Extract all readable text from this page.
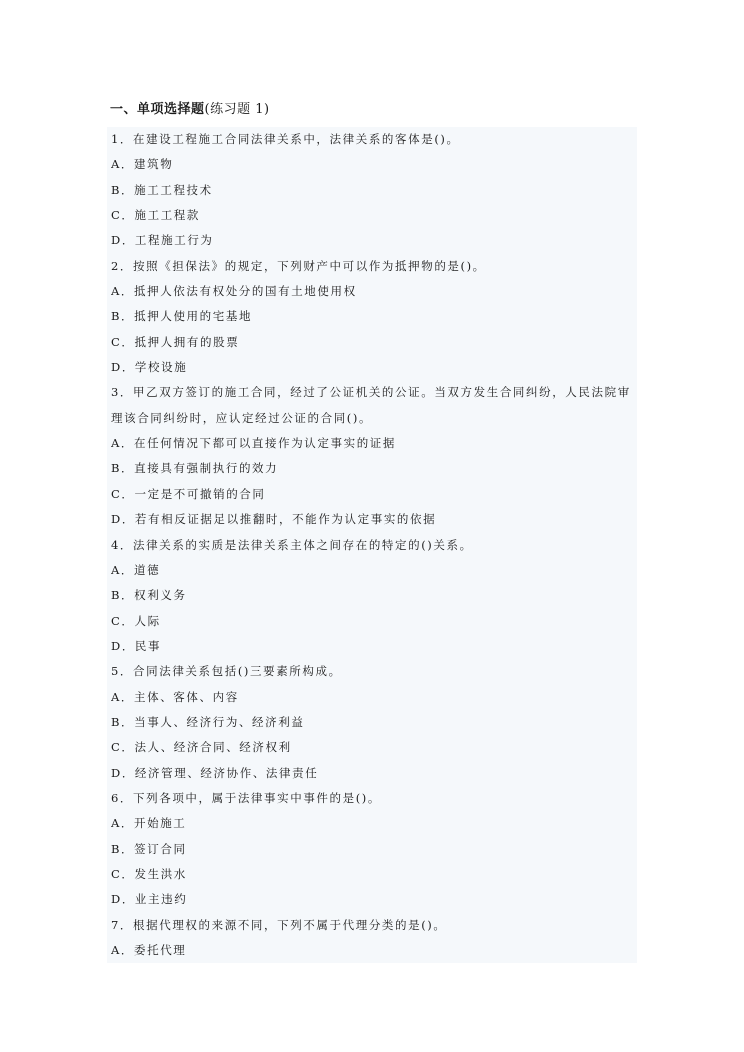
一、单项选择题(练习题 1)
1．在建设工程施工合同法律关系中，法律关系的客体是()。
A．建筑物
B．施工工程技术
C．施工工程款
D．工程施工行为
2．按照《担保法》的规定，下列财产中可以作为抵押物的是()。
A．抵押人依法有权处分的国有土地使用权
B．抵押人使用的宅基地
C．抵押人拥有的股票
D．学校设施
3．甲乙双方签订的施工合同，经过了公证机关的公证。当双方发生合同纠纷，人民法院审
理该合同纠纷时，应认定经过公证的合同()。
A．在任何情况下都可以直接作为认定事实的证据
B．直接具有强制执行的效力
C．一定是不可撤销的合同
D．若有相反证据足以推翻时，不能作为认定事实的依据
4．法律关系的实质是法律关系主体之间存在的特定的()关系。
A．道德
B．权利义务
C．人际
D．民事
5．合同法律关系包括()三要素所构成。
A．主体、客体、内容
B．当事人、经济行为、经济利益
C．法人、经济合同、经济权利
D．经济管理、经济协作、法律责任
6．下列各项中，属于法律事实中事件的是()。
A．开始施工
B．签订合同
C．发生洪水
D．业主违约
7．根据代理权的来源不同，下列不属于代理分类的是()。
A．委托代理
